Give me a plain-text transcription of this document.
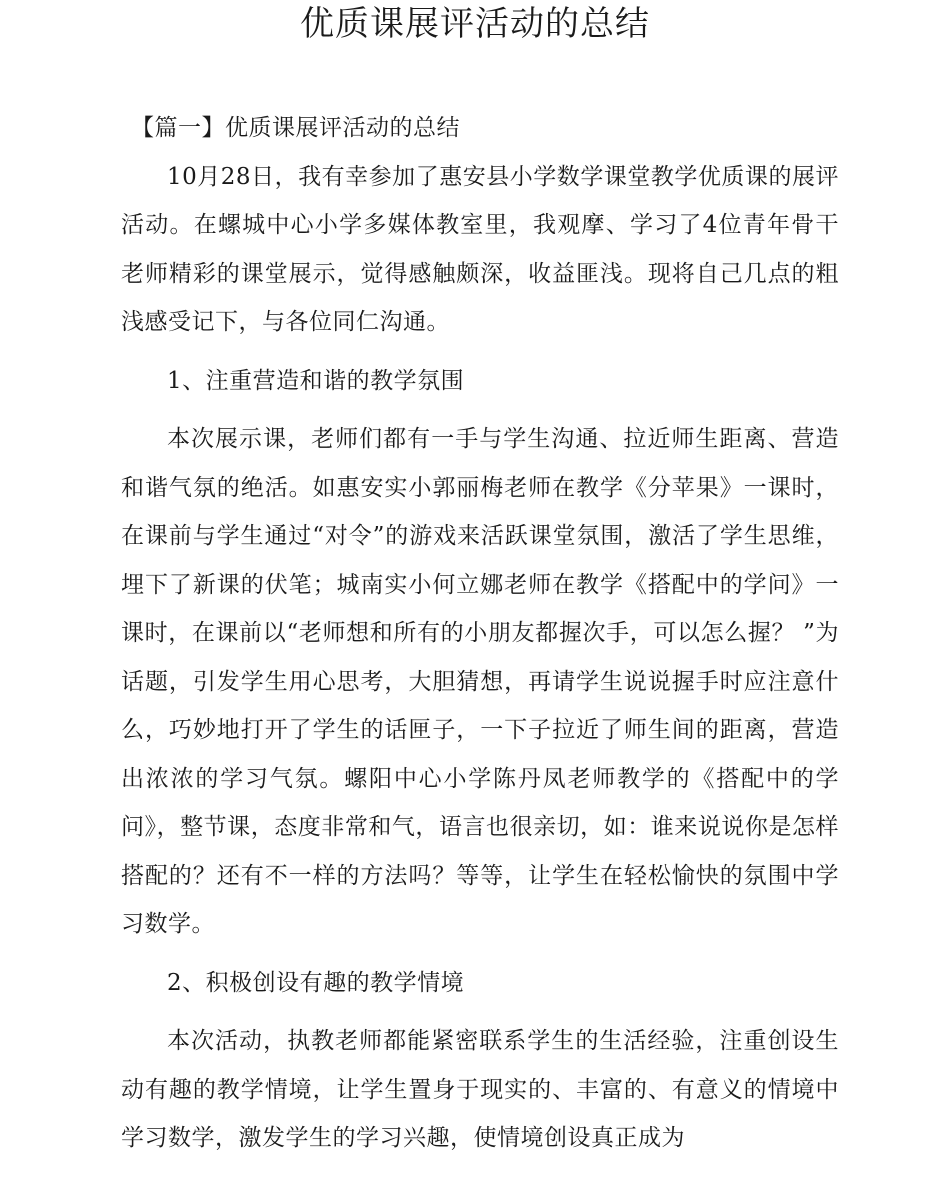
优质课展评活动的总结

【篇一】优质课展评活动的总结

10月28日，我有幸参加了惠安县小学数学课堂教学优质课的展评活动。在螺城中心小学多媒体教室里，我观摩、学习了4位青年骨干老师精彩的课堂展示，觉得感触颇深，收益匪浅。现将自己几点的粗浅感受记下，与各位同仁沟通。

1、注重营造和谐的教学氛围

本次展示课，老师们都有一手与学生沟通、拉近师生距离、营造和谐气氛的绝活。如惠安实小郭丽梅老师在教学《分苹果》一课时，在课前与学生通过“对令”的游戏来活跃课堂氛围，激活了学生思维，埋下了新课的伏笔；城南实小何立娜老师在教学《搭配中的学问》一课时，在课前以“老师想和所有的小朋友都握次手，可以怎么握？ ”为话题，引发学生用心思考，大胆猜想，再请学生说说握手时应注意什么，巧妙地打开了学生的话匣子，一下子拉近了师生间的距离，营造出浓浓的学习气氛。螺阳中心小学陈丹凤老师教学的《搭配中的学问》，整节课，态度非常和气，语言也很亲切，如：谁来说说你是怎样搭配的？还有不一样的方法吗？等等，让学生在轻松愉快的氛围中学习数学。

2、积极创设有趣的教学情境

本次活动，执教老师都能紧密联系学生的生活经验，注重创设生动有趣的教学情境，让学生置身于现实的、丰富的、有意义的情境中学习数学，激发学生的学习兴趣，使情境创设真正成为
